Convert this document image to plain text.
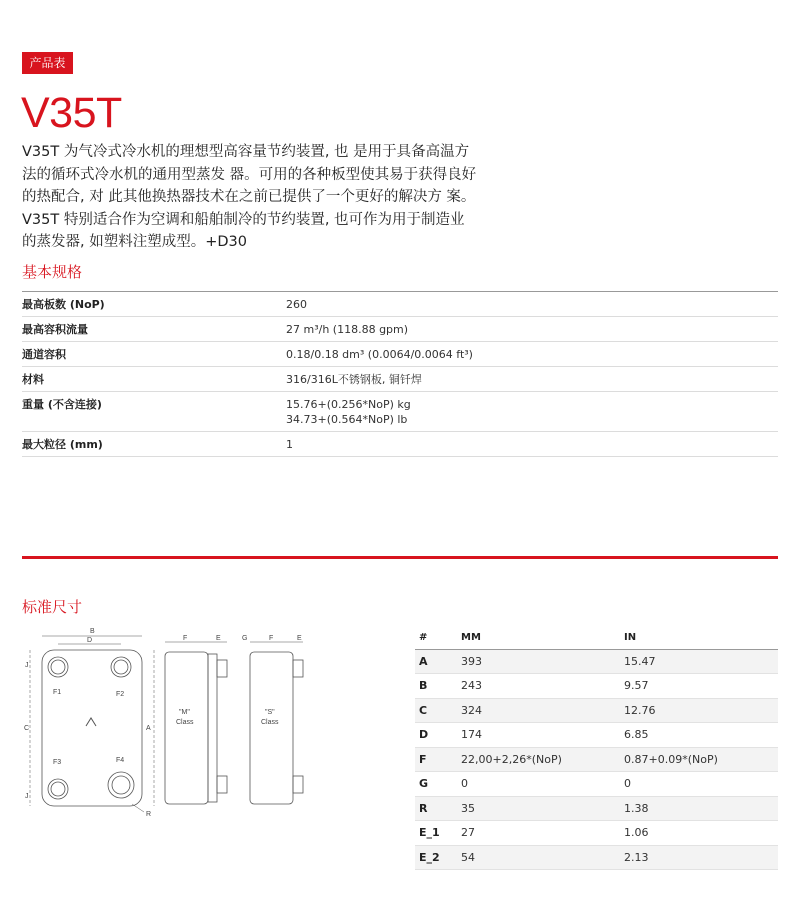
产品表
V35T
V35T 为气冷式冷水机的理想型高容量节约装置, 也 是用于具备高温方
法的循环式冷水机的通用型蒸发 器。可用的各种板型使其易于获得良好
的热配合, 对 此其他换热器技术在之前已提供了一个更好的解决方 案。
V35T 特别适合作为空调和船舶制冷的节约装置, 也可作为用于制造业
的蒸发器, 如塑料注塑成型。+D30
基本规格
最高板数 (NoP)	260
最高容积流量	27 m³/h (118.88 gpm)
通道容积	0.18/0.18 dm³ (0.0064/0.0064 ft³)
材料	316/316L不锈钢板, 铜钎焊
重量 (不含连接)	15.76+(0.256*NoP) kg
34.73+(0.564*NoP) lb
最大粒径 (mm)	1
标准尺寸
B
D
C	A
J
J
R
F1	F2
F3	F4
F	E
"M"
Class
G	F	E
"S"
Class
#	MM	IN
A	393	15.47
B	243	9.57
C	324	12.76
D	174	6.85
F	22,00+2,26*(NoP)	0.87+0.09*(NoP)
G	0	0
R	35	1.38
E_1	27	1.06
E_2	54	2.13
